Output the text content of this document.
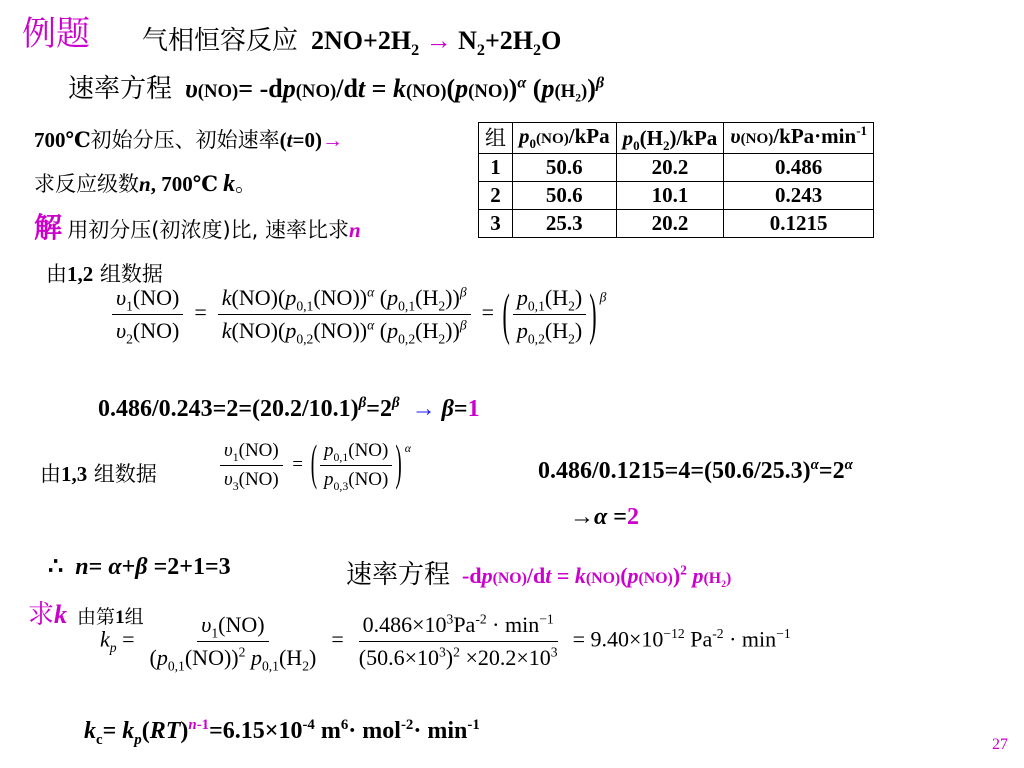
例题 气相恒容反应  $2NO+2H_2 \to N_2+2H_2O$
速率方程 $\upsilon(NO)= -dp(NO)/dt = k(NO)(p(NO))^\alpha$ $(p(H_2))^\beta$
700℃初始分压、初始速率(t=0)→
求反应级数n, 700℃ k。
解 用初分压(初浓度)比, 速率比求n
组	$p_0(NO)$/kPa	$p_0(H_2)$/kPa	$\upsilon(NO)/kPa\cdot\min^{-1}$
1	50.6	20.2	0.486
2	50.6	10.1	0.243
3	25.3	20.2	0.1215
由1,2 组数据
$\frac{\upsilon_1(NO)}{\upsilon_2(NO)} = \frac{k(NO)(p_{0,1}(NO))^\alpha (p_{0,1}(H_2))^\beta}{k(NO)(p_{0,2}(NO))^\alpha (p_{0,2}(H_2))^\beta}$ = ( $\frac{p_{0,1}(H_2)}{p_{0,2}(H_2)}$ ) $^\beta$
$0.486/0.243=2=(20.2/10.1)^\beta=2^\beta \to \beta=1$
由1,3 组数据	$\frac{\upsilon_1(NO)}{\upsilon_3(NO)}$ = ( $\frac{p_{0,1}(NO)}{p_{0,3}(NO)}$ ) $^\alpha$
$0.486/0.1215=4=(50.6/25.3)^\alpha=2^\alpha$
→α =2
∴  n= α+β =2+1=3	速率方程  $-dp(NO)/dt = k(NO)(p(NO))^2$ $p(H_2)$
求k  由第1组
$k_p = \frac{\upsilon_1(NO)}{(p_{0,1}(NO))^2 p_{0,1}(H_2)} = \frac{0.486\times 10^3Pa^{-2} \cdot \min^{-1}}{(50.6\times 10^3)^2 \times 20.2\times 10^3} = 9.40\times 10^{-12}$ $Pa^{-2} \cdot \min^{-1}$
$k_c= k_p(RT)^{n-1}=6.15\times 10^{-4}$ $m^6\cdot mol^{-2}\cdot \min^{-1}$
27
